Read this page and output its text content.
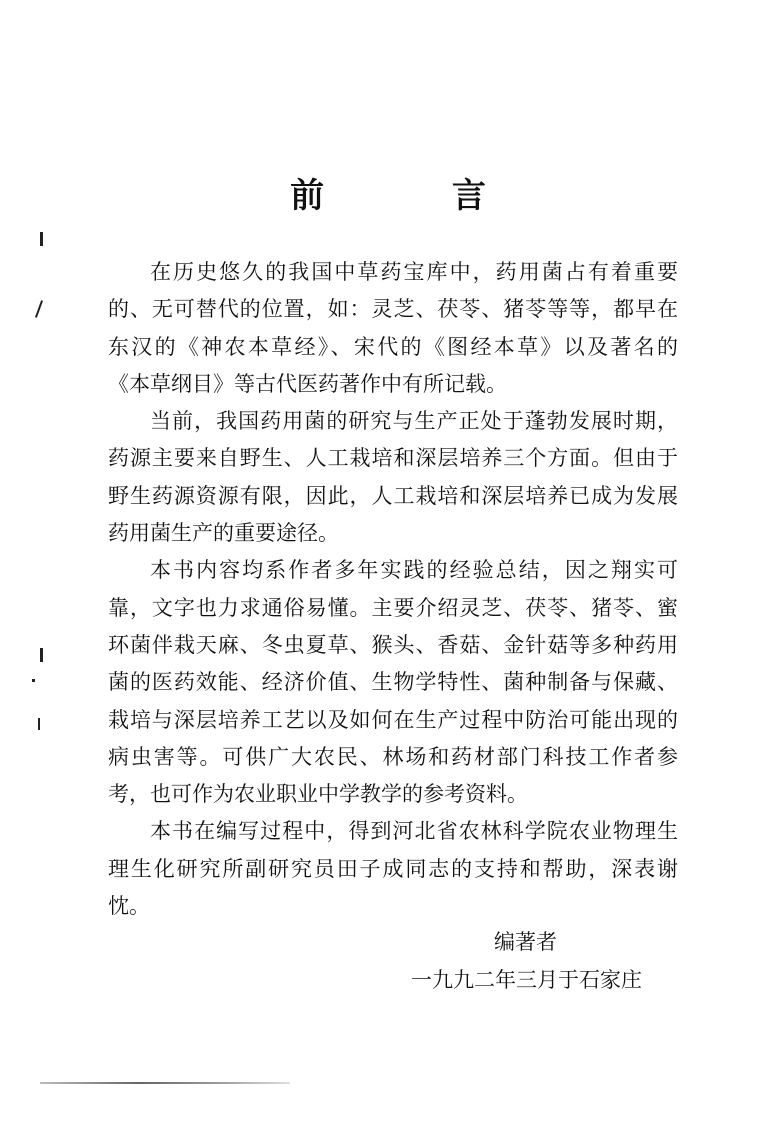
前 言
在历史悠久的我国中草药宝库中，药用菌占有着重要
的、无可替代的位置，如：灵芝、茯苓、猪苓等等，都早在
东汉的《神农本草经》、宋代的《图经本草》以及著名的
《本草纲目》等古代医药著作中有所记载。
当前，我国药用菌的研究与生产正处于蓬勃发展时期，
药源主要来自野生、人工栽培和深层培养三个方面。但由于
野生药源资源有限，因此，人工栽培和深层培养已成为发展
药用菌生产的重要途径。
本书内容均系作者多年实践的经验总结，因之翔实可
靠，文字也力求通俗易懂。主要介绍灵芝、茯苓、猪苓、蜜
环菌伴栽天麻、冬虫夏草、猴头、香菇、金针菇等多种药用
菌的医药效能、经济价值、生物学特性、菌种制备与保藏、
栽培与深层培养工艺以及如何在生产过程中防治可能出现的
病虫害等。可供广大农民、林场和药材部门科技工作者参
考，也可作为农业职业中学教学的参考资料。
本书在编写过程中，得到河北省农林科学院农业物理生
理生化研究所副研究员田子成同志的支持和帮助，深表谢
忱。
编著者
一九九二年三月于石家庄
